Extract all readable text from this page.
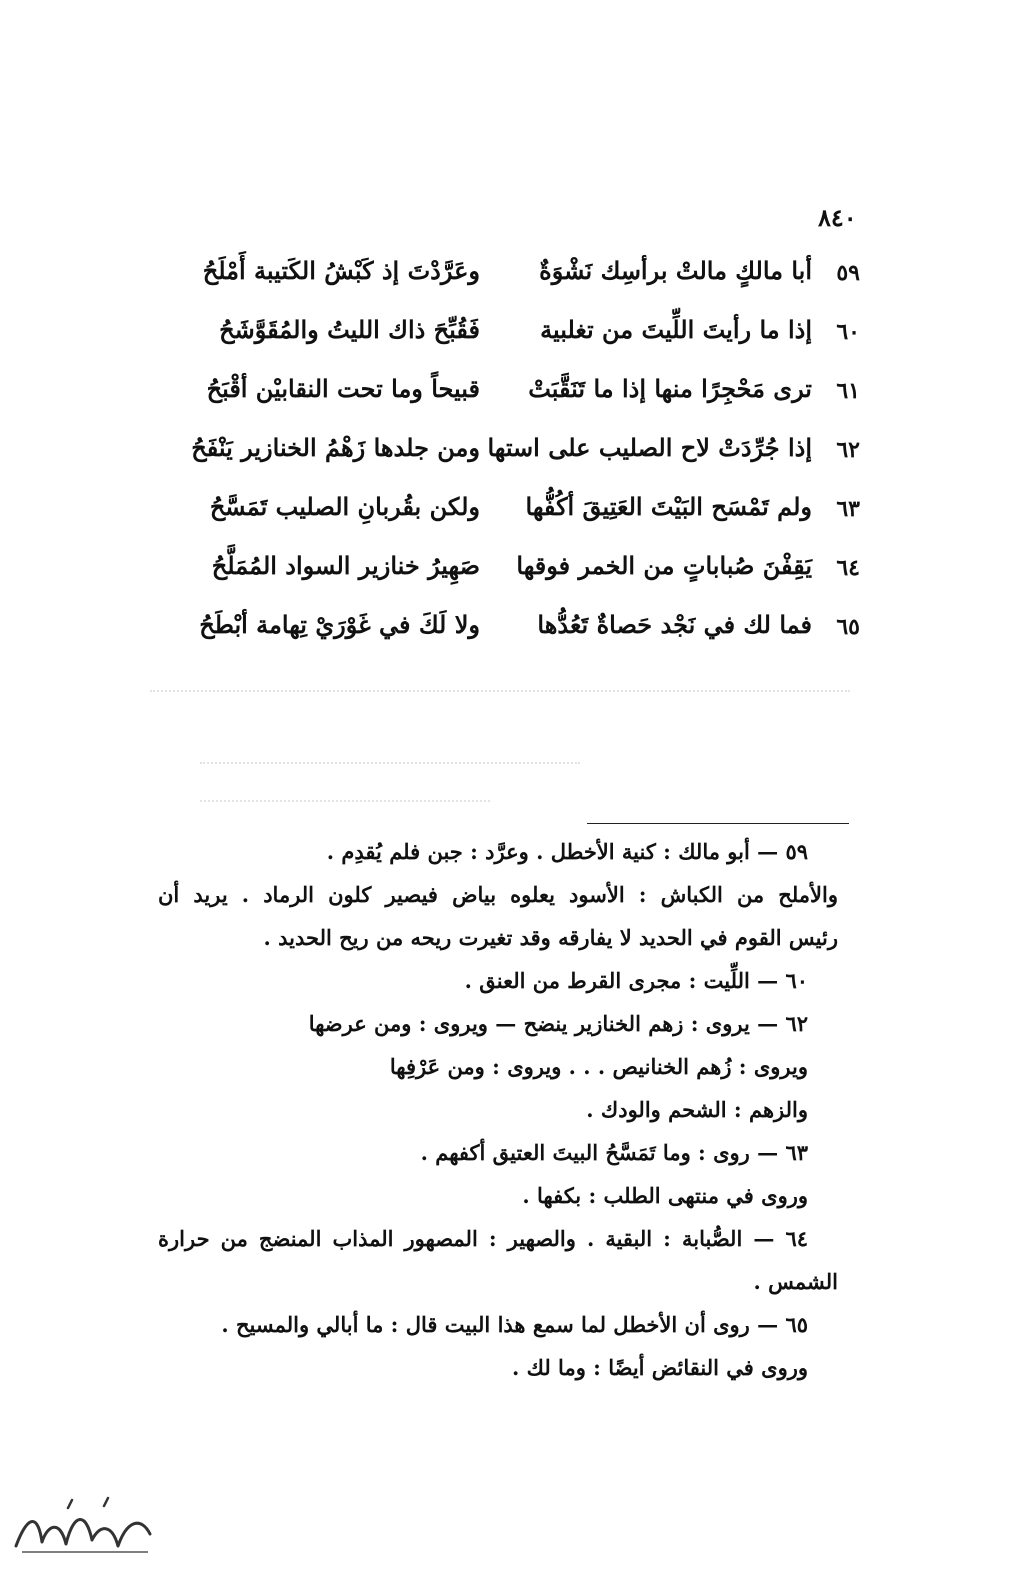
٨٤٠
٥٩
أبا مالكٍ مالتْ برأسِك نَشْوَةٌ
وعَرَّدْتَ إذ كَبْشُ الكَتيبة أَمْلَحُ
٦٠
إذا ما رأيتَ اللِّيتَ من تغلبية
فَقُبِّحَ ذاك الليتُ والمُقَوَّشَحُ
٦١
ترى مَحْجِرًا منها إذا ما تَنَقَّبَتْ
قبيحاً وما تحت النقابيْن أقْبَحُ
٦٢
إذا جُرِّدَتْ لاح الصليب على استها
ومن جلدها زَهْمُ الخنازير يَنْفَحُ
٦٣
ولم تَمْسَح البَيْتَ العَتِيقَ أكُفُّها
ولكن بقُربانِ الصليب تَمَسَّحُ
٦٤
يَقِفْنَ صُباباتٍ من الخمر فوقها
صَهِيرُ خنازير السواد المُمَلَّحُ
٦٥
فما لك في نَجْد حَصاةٌ تَعُدُّها
ولا لَكَ في غَوْرَيْ تِهامة أبْطَحُ
٥٩ — أبو مالك : كنية الأخطل . وعرَّد : جبن فلم يُقدِم .
والأملح من الكباش : الأسود يعلوه بياض فيصير كلون الرماد . يريد أن
رئيس القوم في الحديد لا يفارقه وقد تغيرت ريحه من ريح الحديد .
٦٠ — اللِّيت : مجرى القرط من العنق .
٦٢ — يروى : زهم الخنازير ينضح — ويروى : ومن عرضها
ويروى : زُهم الخنانيص . . . ويروى : ومن عَرْفِها
والزهم : الشحم والودك .
٦٣ — روى : وما تَمَسَّحُ البيتَ العتيق أكفهم .
وروى في منتهى الطلب : بكفها .
٦٤ — الصُّبابة : البقية . والصهير : المصهور المذاب المنضج من حرارة
الشمس .
٦٥ — روى أن الأخطل لما سمع هذا البيت قال : ما أبالي والمسيح .
وروى في النقائض أيضًا : وما لك .
